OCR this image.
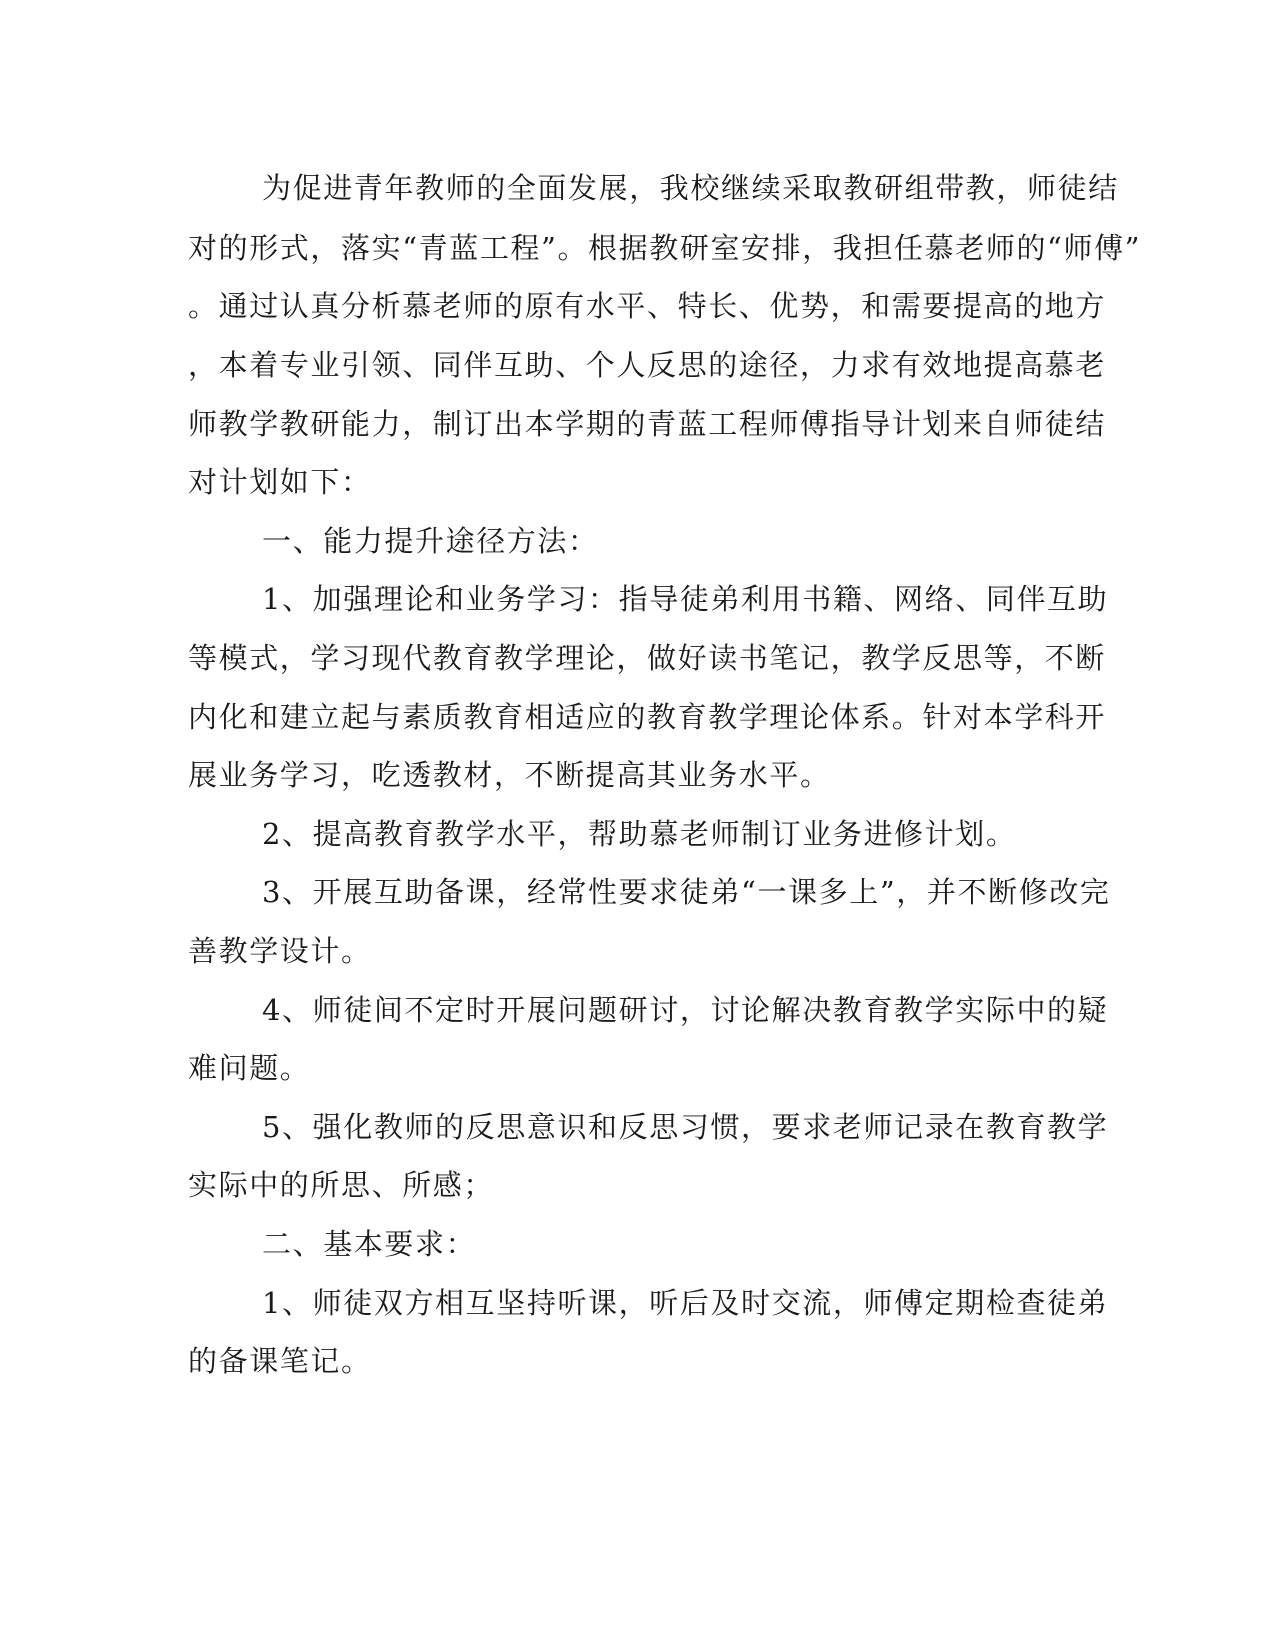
为促进青年教师的全面发展，我校继续采取教研组带教，师徒结
对的形式，落实“青蓝工程”。根据教研室安排，我担任慕老师的“师傅”
。通过认真分析慕老师的原有水平、特长、优势，和需要提高的地方
，本着专业引领、同伴互助、个人反思的途径，力求有效地提高慕老
师教学教研能力，制订出本学期的青蓝工程师傅指导计划来自师徒结
对计划如下：
一、能力提升途径方法：
1、加强理论和业务学习：指导徒弟利用书籍、网络、同伴互助
等模式，学习现代教育教学理论，做好读书笔记，教学反思等，不断
内化和建立起与素质教育相适应的教育教学理论体系。针对本学科开
展业务学习，吃透教材，不断提高其业务水平。
2、提高教育教学水平，帮助慕老师制订业务进修计划。
3、开展互助备课，经常性要求徒弟“一课多上”，并不断修改完
善教学设计。
4、师徒间不定时开展问题研讨，讨论解决教育教学实际中的疑
难问题。
5、强化教师的反思意识和反思习惯，要求老师记录在教育教学
实际中的所思、所感；
二、基本要求：
1、师徒双方相互坚持听课，听后及时交流，师傅定期检查徒弟
的备课笔记。
